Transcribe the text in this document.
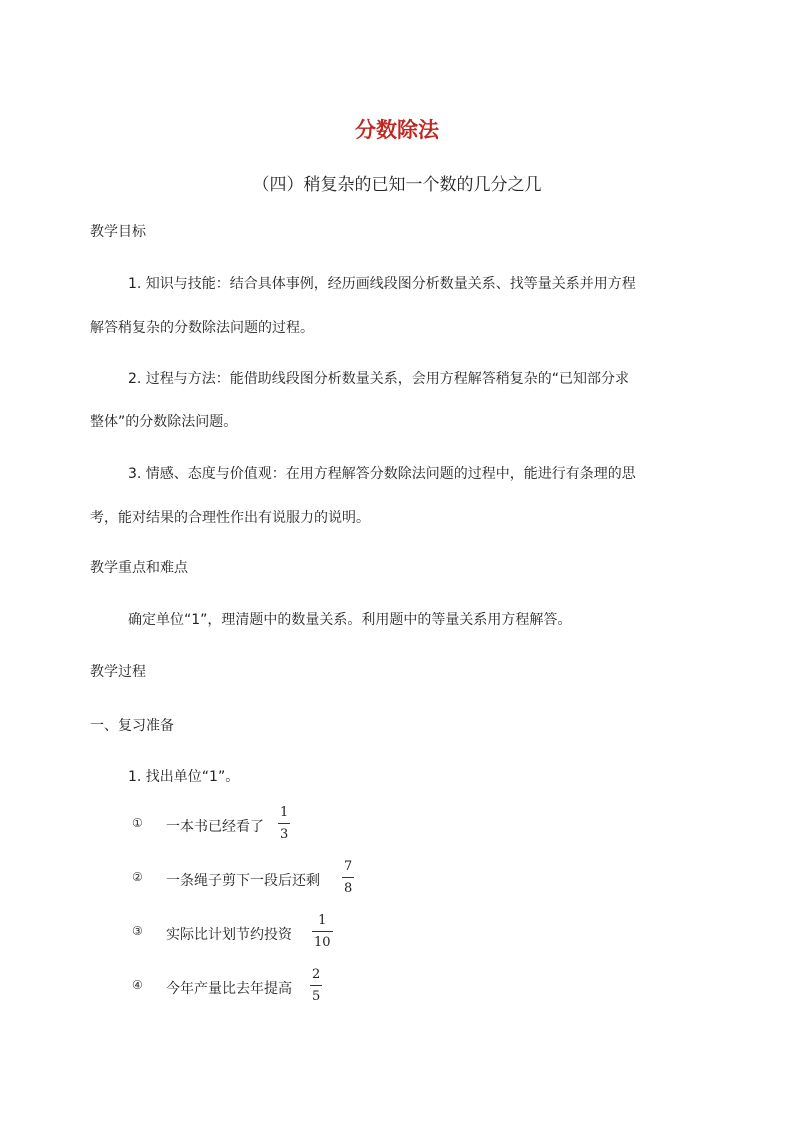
分数除法
（四）稍复杂的已知一个数的几分之几
教学目标
1. 知识与技能：结合具体事例，经历画线段图分析数量关系、找等量关系并用方程
解答稍复杂的分数除法问题的过程。
2. 过程与方法：能借助线段图分析数量关系，会用方程解答稍复杂的“已知部分求
整体”的分数除法问题。
3. 情感、态度与价值观：在用方程解答分数除法问题的过程中，能进行有条理的思
考，能对结果的合理性作出有说服力的说明。
教学重点和难点
确定单位“1”，理清题中的数量关系。利用题中的等量关系用方程解答。
教学过程
一、复习准备
1. 找出单位“1”。
① 一本书已经看了
1
3
② 一条绳子剪下一段后还剩
7
8
③ 实际比计划节约投资
1
10
④ 今年产量比去年提高
2
5
